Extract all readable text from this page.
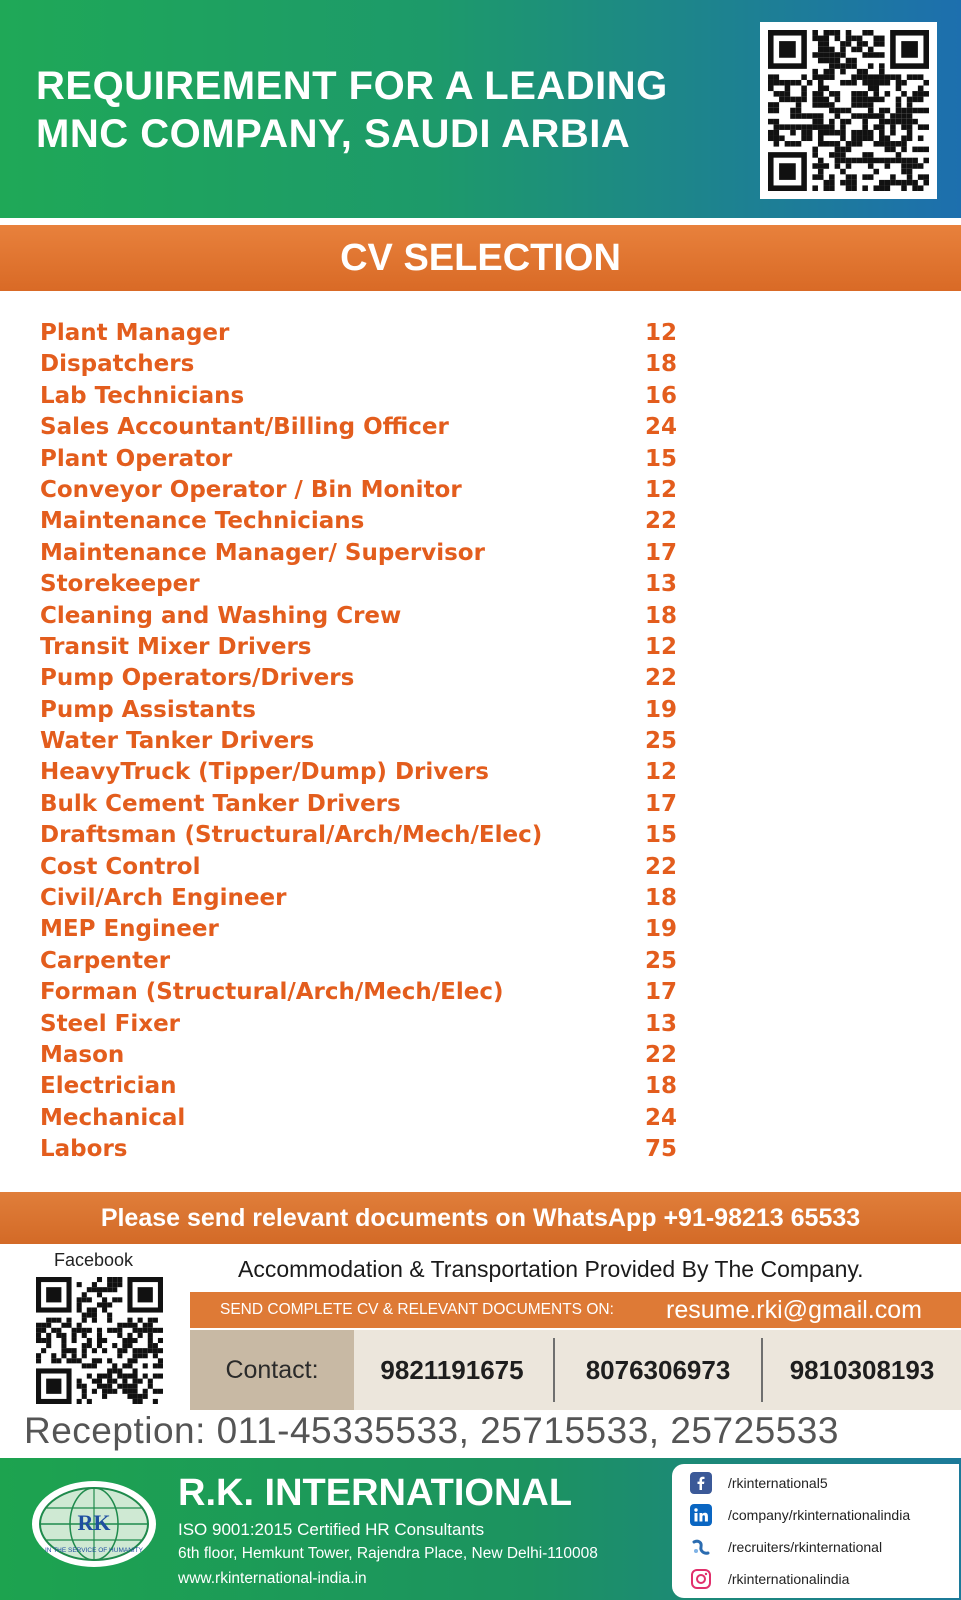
REQUIREMENT FOR A LEADING
MNC COMPANY, SAUDI ARBIA
CV SELECTION
Plant Manager	12
Dispatchers	18
Lab Technicians	16
Sales Accountant/Billing Officer	24
Plant Operator	15
Conveyor Operator / Bin Monitor	12
Maintenance Technicians	22
Maintenance Manager/ Supervisor	17
Storekeeper	13
Cleaning and Washing Crew	18
Transit Mixer Drivers	12
Pump Operators/Drivers	22
Pump Assistants	19
Water Tanker Drivers	25
HeavyTruck (Tipper/Dump) Drivers	12
Bulk Cement Tanker Drivers	17
Draftsman (Structural/Arch/Mech/Elec)	15
Cost Control	22
Civil/Arch Engineer	18
MEP Engineer	19
Carpenter	25
Forman (Structural/Arch/Mech/Elec)	17
Steel Fixer	13
Mason	22
Electrician	18
Mechanical	24
Labors	75
Please send relevant documents on WhatsApp +91-98213 65533
Facebook	Accommodation & Transportation Provided By The Company.
SEND COMPLETE CV & RELEVANT DOCUMENTS ON: resume.rki@gmail.com
Contact:	9821191675	8076306973	9810308193
Reception: 011-45335533, 25715533, 25725533
RK
IN THE SERVICE OF HUMANITY
R.K. INTERNATIONAL
ISO 9001:2015 Certified HR Consultants
6th floor, Hemkunt Tower, Rajendra Place, New Delhi-110008
www.rkinternational-india.in
/rkinternational5
/company/rkinternationalindia
/recruiters/rkinternational
/rkinternationalindia
